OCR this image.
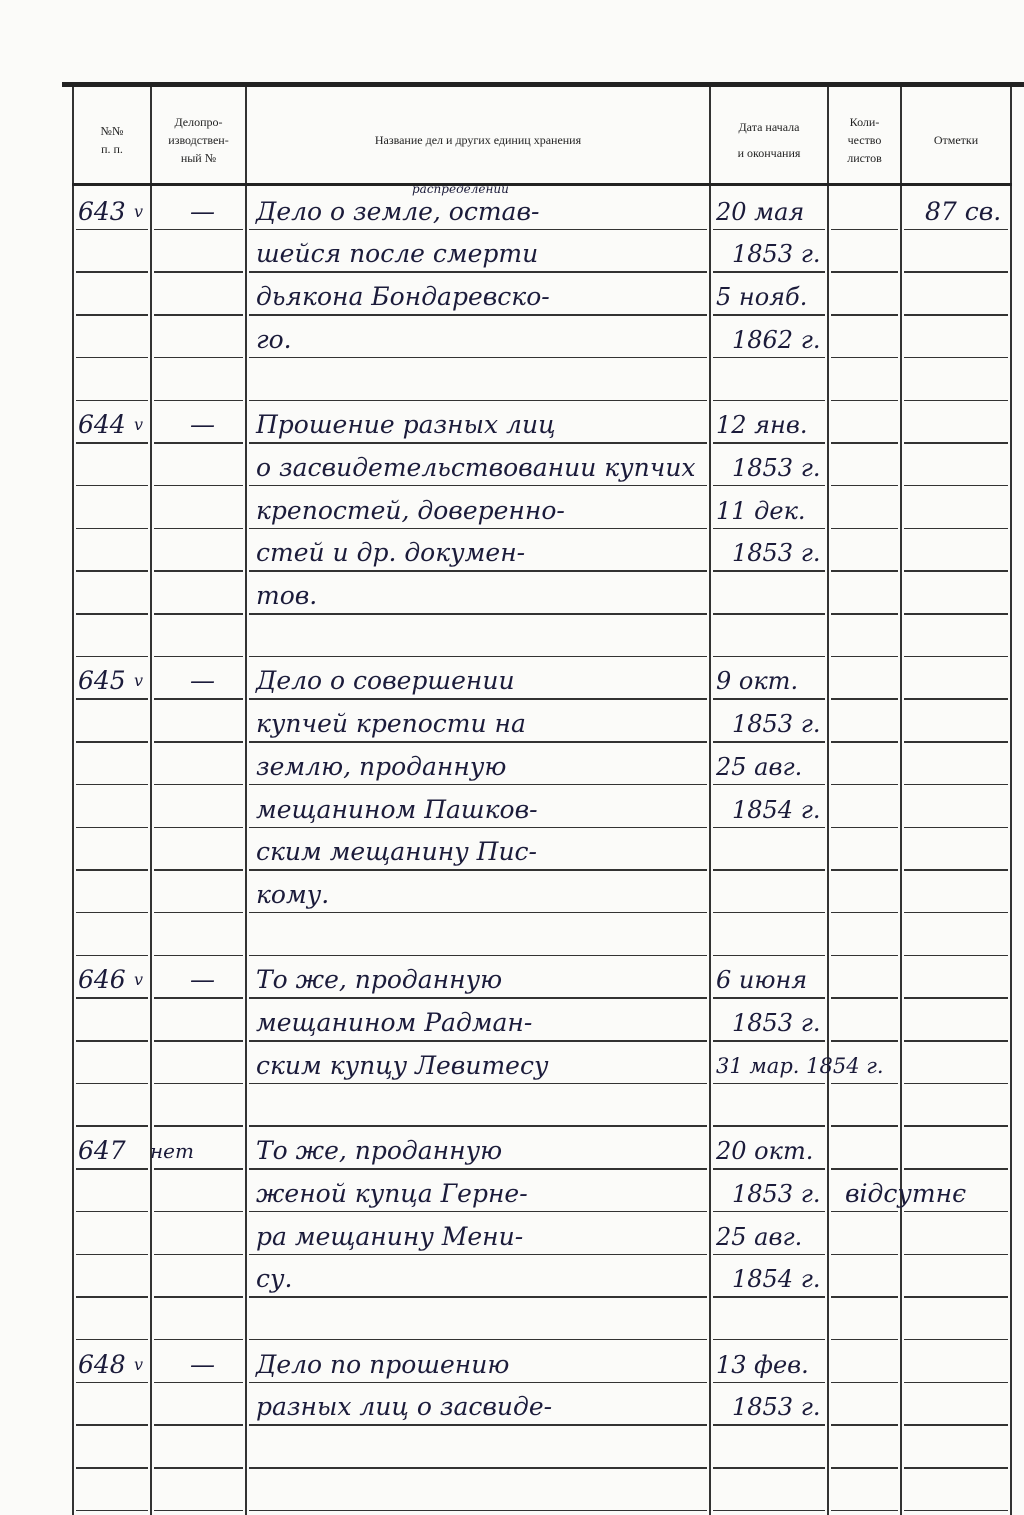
№№
п. п.
Делопро-
изводствен-
ный №
Название дел и других единиц хранения
Дата начала
и окончания
Коли-
чество
листов
Отметки
643 v — Дело о земле, остав-
шейся после смерти
дьякона Бондаревско-
го.
20 мая
1853 г.
5 нояб.
1862 г.
87 св.
распределении
644 v — Прошение разных лиц
о засвидетельствовании купчих
крепостей, доверенно-
стей и др. докумен-
тов.
12 янв.
1853 г.
11 дек.
1853 г.
645 v — Дело о совершении
купчей крепости на
землю, проданную
мещанином Пашков-
ским мещанину Пис-
кому.
9 окт.
1853 г.
25 авг.
1854 г.
646 v — То же, проданную
мещанином Радман-
ским купцу Левитесу
6 июня
1853 г.
31 мар. 1854 г.
647 нет То же, проданную
женой купца Герне-
ра мещанину Мени-
су.
20 окт.
1853 г.
25 авг.
1854 г.
відсутнє
648 v — Дело по прошению
разных лиц о засвиде-
13 фев.
1853 г.
